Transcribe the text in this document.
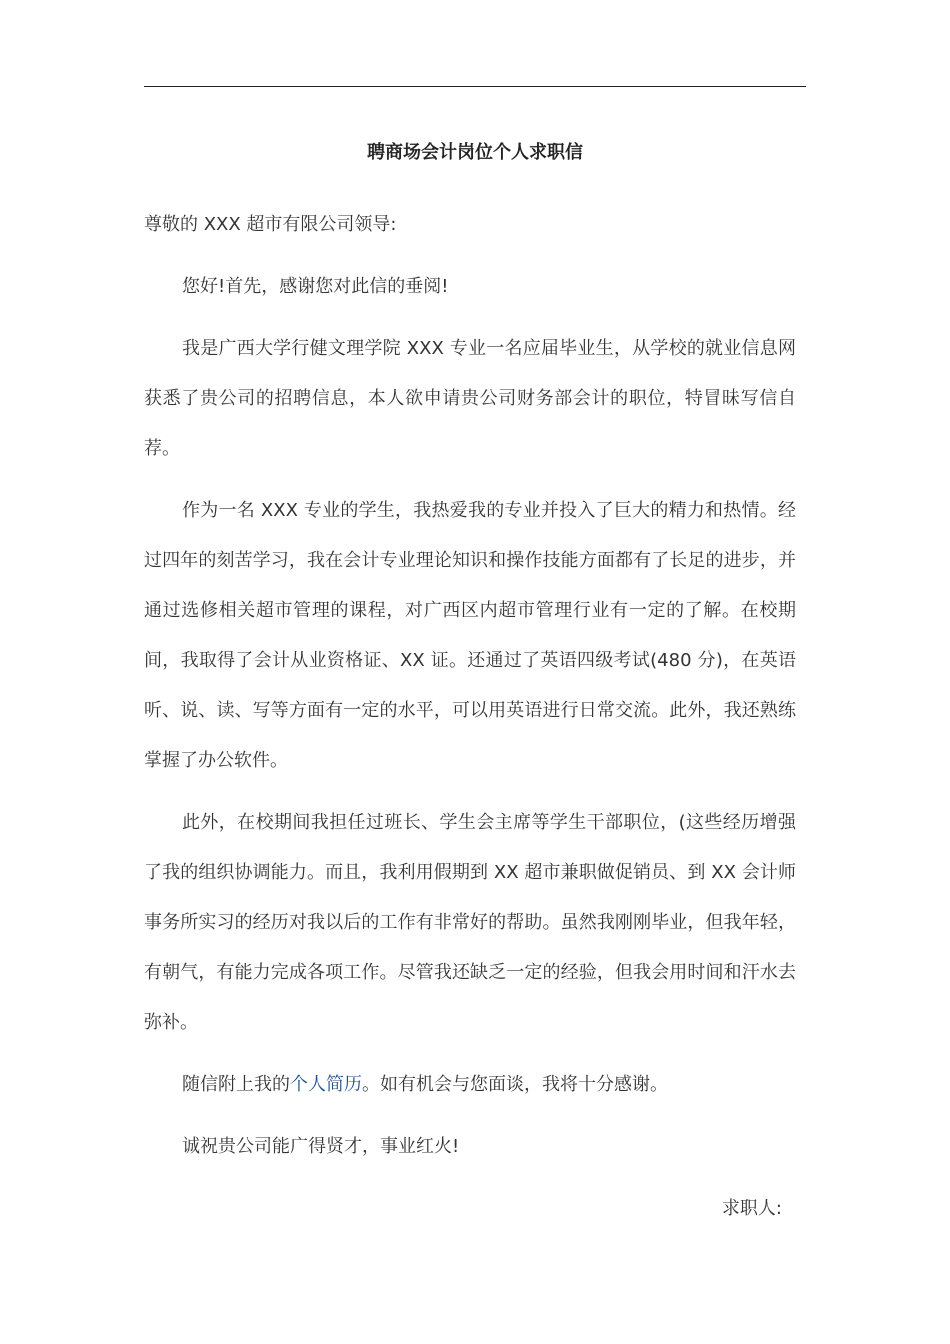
聘商场会计岗位个人求职信

尊敬的 XXX 超市有限公司领导:

您好!首先，感谢您对此信的垂阅!

我是广西大学行健文理学院 XXX 专业一名应届毕业生，从学校的就业信息网获悉了贵公司的招聘信息，本人欲申请贵公司财务部会计的职位，特冒昧写信自荐。

作为一名 XXX 专业的学生，我热爱我的专业并投入了巨大的精力和热情。经过四年的刻苦学习，我在会计专业理论知识和操作技能方面都有了长足的进步，并通过选修相关超市管理的课程，对广西区内超市管理行业有一定的了解。在校期间，我取得了会计从业资格证、XX 证。还通过了英语四级考试(480 分)，在英语听、说、读、写等方面有一定的水平，可以用英语进行日常交流。此外，我还熟练掌握了办公软件。

此外，在校期间我担任过班长、学生会主席等学生干部职位，(这些经历增强了我的组织协调能力。而且，我利用假期到 XX 超市兼职做促销员、到 XX 会计师事务所实习的经历对我以后的工作有非常好的帮助。虽然我刚刚毕业，但我年轻，有朝气，有能力完成各项工作。尽管我还缺乏一定的经验，但我会用时间和汗水去弥补。

随信附上我的个人简历。如有机会与您面谈，我将十分感谢。

诚祝贵公司能广得贤才，事业红火!

求职人:
